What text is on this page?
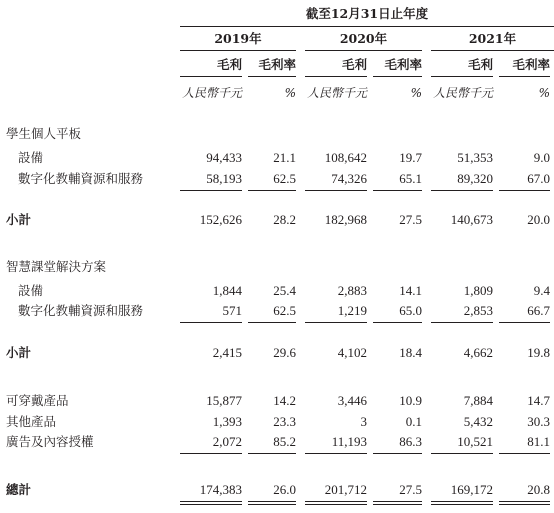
截至12月31日止年度
2019年	2020年	2021年
毛利	毛利率	毛利	毛利率	毛利	毛利率
人民幣千元	% 人民幣千元	% 人民幣千元	%
學生個人平板
設備	94,433	21.1	108,642	19.7	51,353	9.0
數字化教輔資源和服務	58,193	62.5	74,326	65.1	89,320	67.0
小計	152,626	28.2	182,968	27.5	140,673	20.0
智慧課堂解決方案
設備	1,844	25.4	2,883	14.1	1,809	9.4
數字化教輔資源和服務	571	62.5	1,219	65.0	2,853	66.7
小計	2,415	29.6	4,102	18.4	4,662	19.8
可穿戴產品	15,877	14.2	3,446	10.9	7,884	14.7
其他產品	1,393	23.3	3	0.1	5,432	30.3
廣告及內容授權	2,072	85.2	11,193	86.3	10,521	81.1
總計	174,383	26.0	201,712	27.5	169,172	20.8
